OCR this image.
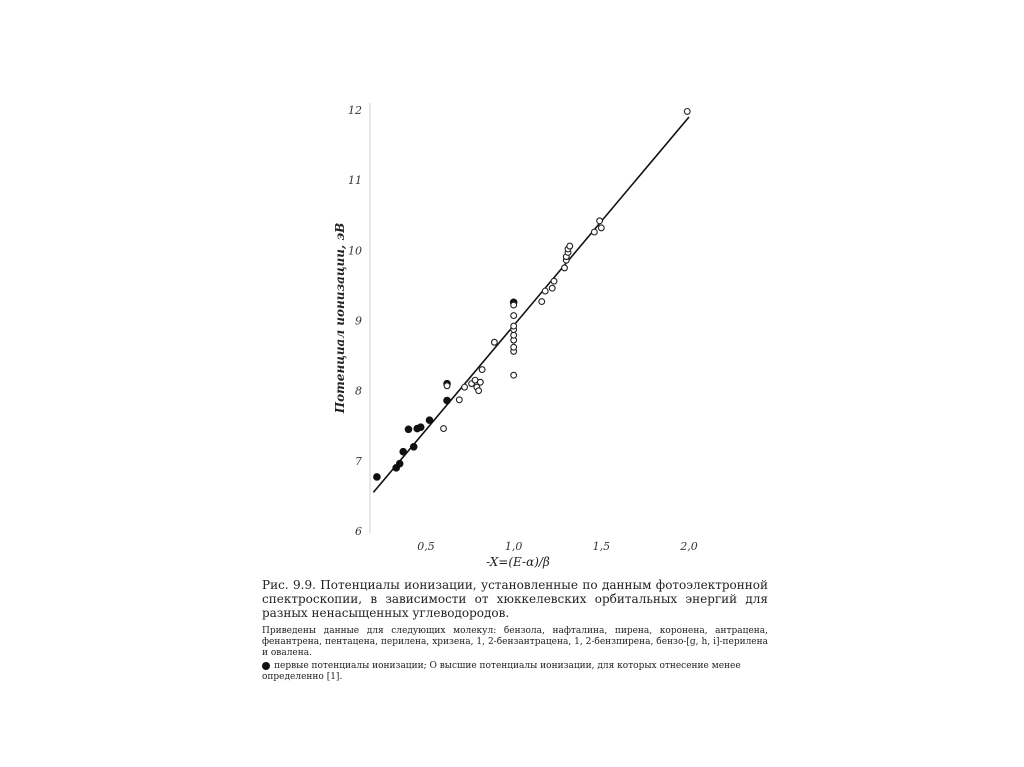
6
7
8
9
10
11
12
0,5	1,0	1,5	2,0
Потенциал ионизации, эВ
-X=(E-α)/β

Рис. 9.9. Потенциалы ионизации, установленные по данным фотоэлектронной спектроскопии, в зависимости от хюккелевских орбитальных энергий для разных ненасыщенных углеводородов.

Приведены данные для следующих молекул: бензола, нафталина, пирена, коронена, антрацена, фенантрена, пентацена, перилена, хризена, 1, 2-бензантрацена, 1, 2-бензпирена, бензо-[g, h, i]-перилена и овалена.

первые потенциалы ионизации; О высшие потенциалы ионизации, для которых отнесение менее определенно [1].
